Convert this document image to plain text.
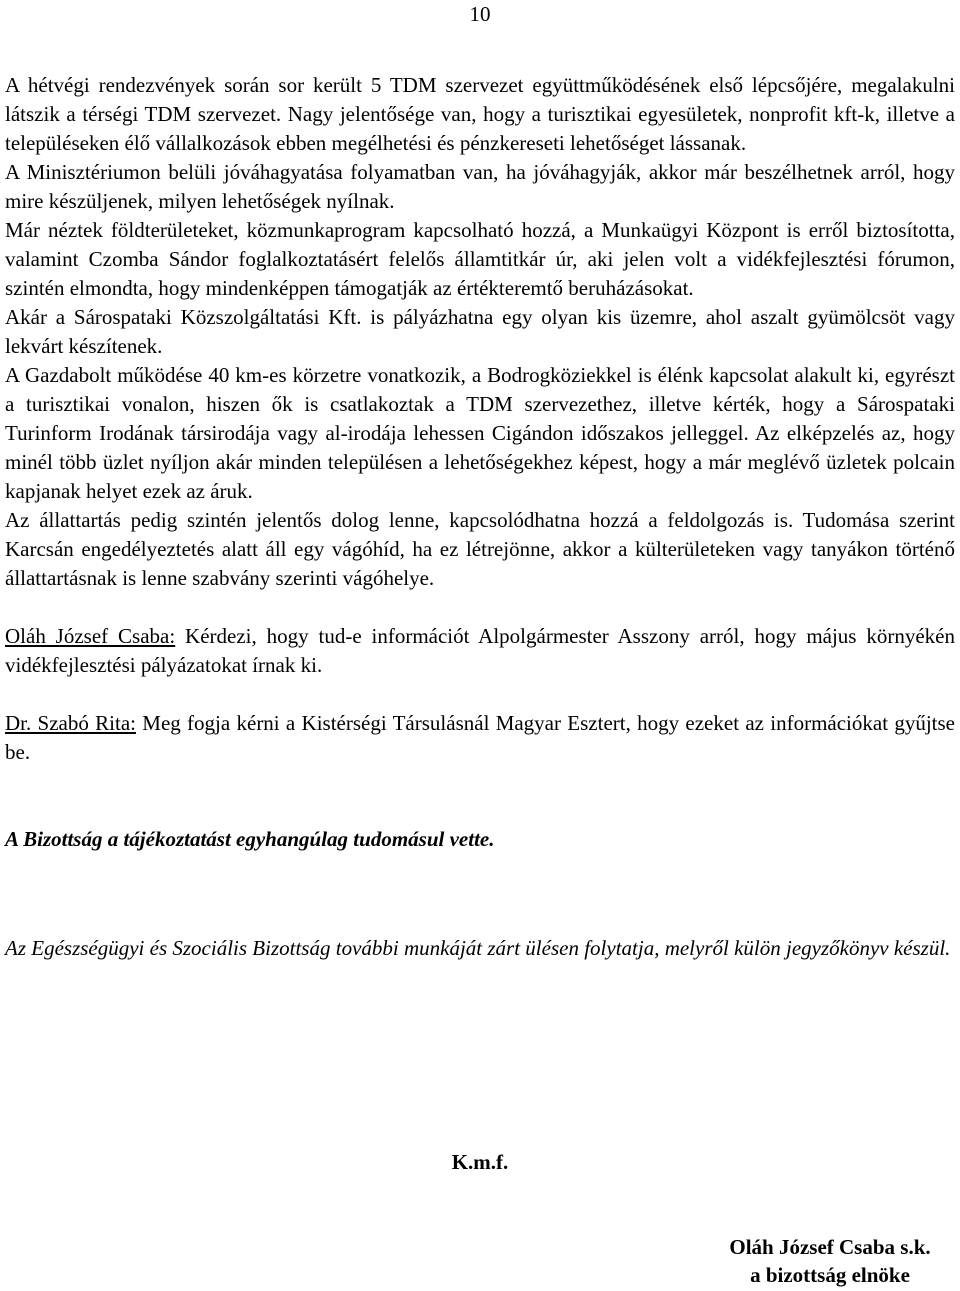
10

A hétvégi rendezvények során sor került 5 TDM szervezet együttműködésének első lépcsőjére, megalakulni látszik a térségi TDM szervezet. Nagy jelentősége van, hogy a turisztikai egyesületek, nonprofit kft-k, illetve a településeken élő vállalkozások ebben megélhetési és pénzkereseti lehetőséget lássanak.

A Minisztériumon belüli jóváhagyatása folyamatban van, ha jóváhagyják, akkor már beszélhetnek arról, hogy mire készüljenek, milyen lehetőségek nyílnak.

Már néztek földterületeket, közmunkaprogram kapcsolható hozzá, a Munkaügyi Központ is erről biztosította, valamint Czomba Sándor foglalkoztatásért felelős államtitkár úr, aki jelen volt a vidékfejlesztési fórumon, szintén elmondta, hogy mindenképpen támogatják az értékteremtő beruházásokat.

Akár a Sárospataki Közszolgáltatási Kft. is pályázhatna egy olyan kis üzemre, ahol aszalt gyümölcsöt vagy lekvárt készítenek.

A Gazdabolt működése 40 km-es körzetre vonatkozik, a Bodrogköziekkel is élénk kapcsolat alakult ki, egyrészt a turisztikai vonalon, hiszen ők is csatlakoztak a TDM szervezethez, illetve kérték, hogy a Sárospataki Turinform Irodának társirodája vagy al-irodája lehessen Cigándon időszakos jelleggel. Az elképzelés az, hogy minél több üzlet nyíljon akár minden településen a lehetőségekhez képest, hogy a már meglévő üzletek polcain kapjanak helyet ezek az áruk.

Az állattartás pedig szintén jelentős dolog lenne, kapcsolódhatna hozzá a feldolgozás is. Tudomása szerint Karcsán engedélyeztetés alatt áll egy vágóhíd, ha ez létrejönne, akkor a külterületeken vagy tanyákon történő állattartásnak is lenne szabvány szerinti vágóhelye.

Oláh József Csaba: Kérdezi, hogy tud-e információt Alpolgármester Asszony arról, hogy május környékén vidékfejlesztési pályázatokat írnak ki.

Dr. Szabó Rita: Meg fogja kérni a Kistérségi Társulásnál Magyar Esztert, hogy ezeket az információkat gyűjtse be.

A Bizottság a tájékoztatást egyhangúlag tudomásul vette.

Az Egészségügyi és Szociális Bizottság további munkáját zárt ülésen folytatja, melyről külön jegyzőkönyv készül.

K.m.f.
Oláh József Csaba s.k.
a bizottság elnöke
